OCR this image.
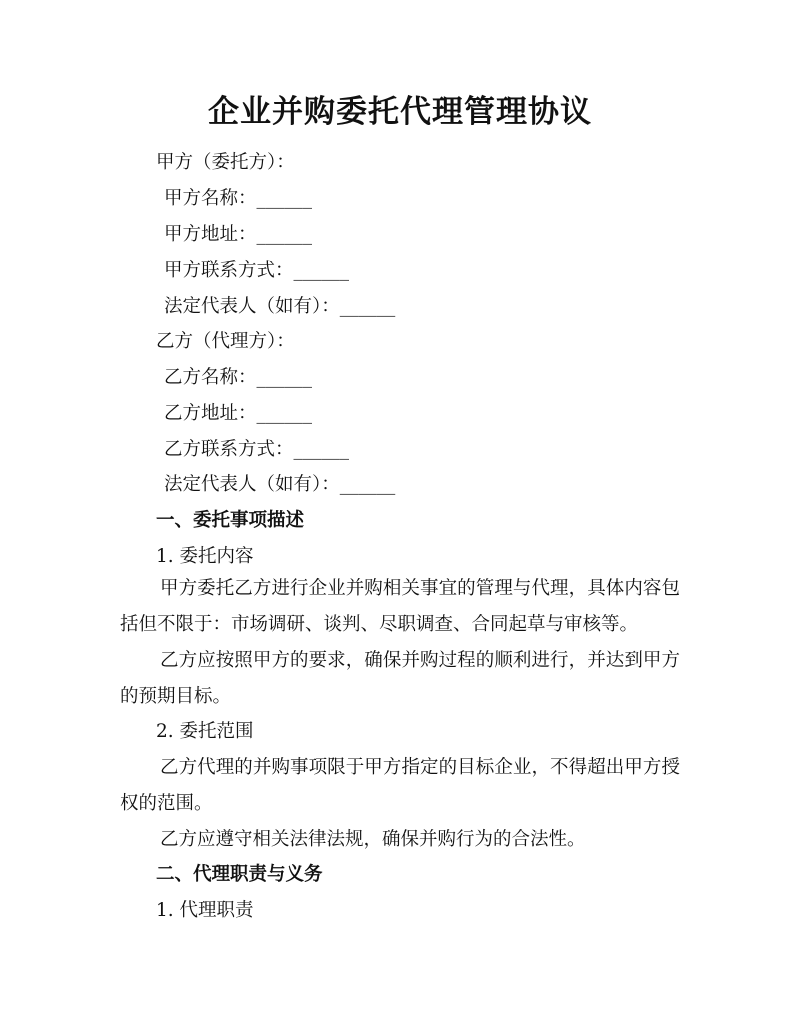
企业并购委托代理管理协议
甲方（委托方）：
甲方名称：______
甲方地址：______
甲方联系方式：______
法定代表人（如有）：______
乙方（代理方）：
乙方名称：______
乙方地址：______
乙方联系方式：______
法定代表人（如有）：______
一、委托事项描述
1. 委托内容
甲方委托乙方进行企业并购相关事宜的管理与代理，具体内容包括但不限于：市场调研、谈判、尽职调查、合同起草与审核等。
乙方应按照甲方的要求，确保并购过程的顺利进行，并达到甲方的预期目标。
2. 委托范围
乙方代理的并购事项限于甲方指定的目标企业，不得超出甲方授权的范围。
乙方应遵守相关法律法规，确保并购行为的合法性。
二、代理职责与义务
1. 代理职责
